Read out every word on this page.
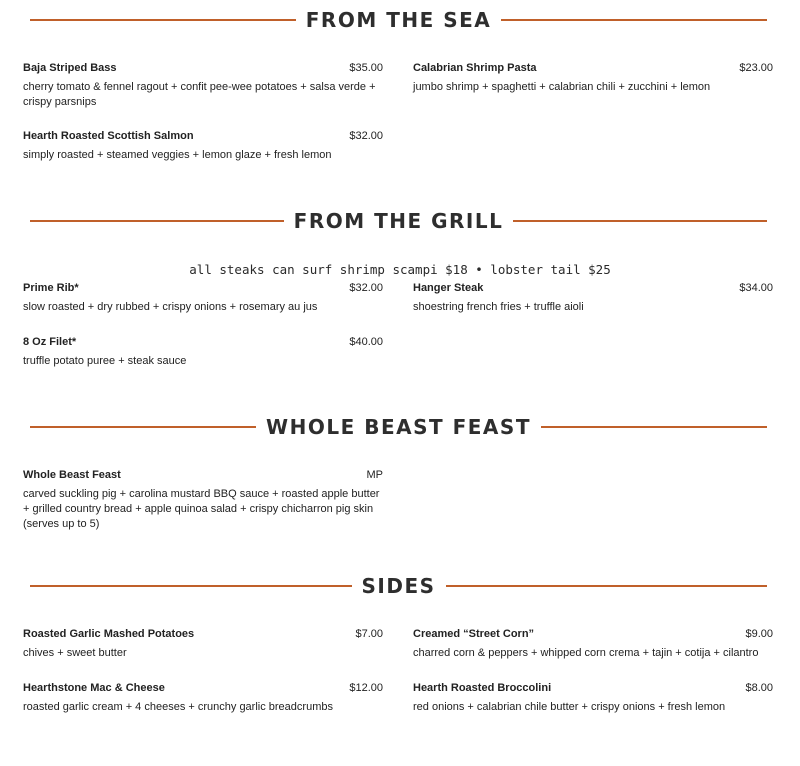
FROM THE SEA
Baja Striped Bass	$35.00
cherry tomato & fennel ragout + confit pee-wee potatoes + salsa verde + crispy parsnips
Calabrian Shrimp Pasta	$23.00
jumbo shrimp + spaghetti + calabrian chili + zucchini + lemon
Hearth Roasted Scottish Salmon	$32.00
simply roasted + steamed veggies + lemon glaze + fresh lemon
FROM THE GRILL
all steaks can surf shrimp scampi $18 • lobster tail $25
Prime Rib*	$32.00
slow roasted + dry rubbed + crispy onions + rosemary au jus
Hanger Steak	$34.00
shoestring french fries + truffle aioli
8 Oz Filet*	$40.00
truffle potato puree + steak sauce
WHOLE BEAST FEAST
Whole Beast Feast	MP
carved suckling pig + carolina mustard BBQ sauce + roasted apple butter + grilled country bread + apple quinoa salad + crispy chicharron pig skin (serves up to 5)
SIDES
Roasted Garlic Mashed Potatoes	$7.00
chives + sweet butter
Creamed “Street Corn”	$9.00
charred corn & peppers + whipped corn crema + tajin + cotija + cilantro
Hearthstone Mac & Cheese	$12.00
roasted garlic cream + 4 cheeses + crunchy garlic breadcrumbs
Hearth Roasted Broccolini	$8.00
red onions + calabrian chile butter + crispy onions + fresh lemon
